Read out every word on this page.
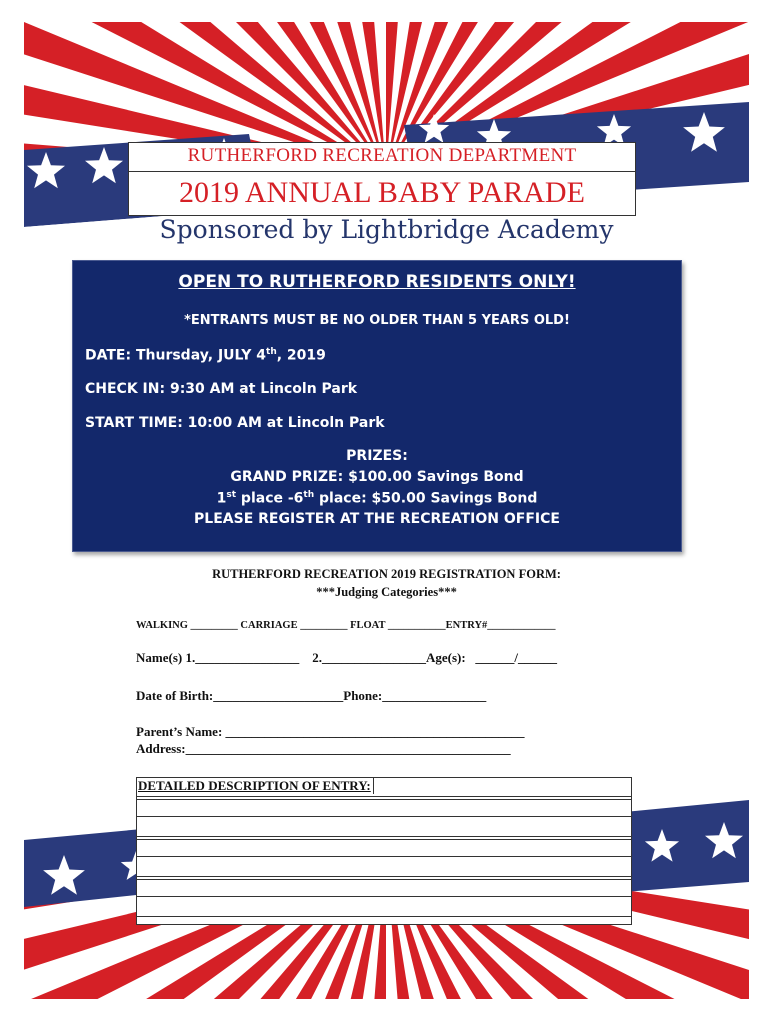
RUTHERFORD RECREATION DEPARTMENT
2019 ANNUAL BABY PARADE
Sponsored by Lightbridge Academy
OPEN TO RUTHERFORD RESIDENTS ONLY!
*ENTRANTS MUST BE NO OLDER THAN 5 YEARS OLD!
DATE: Thursday, JULY 4th, 2019
CHECK IN: 9:30 AM at Lincoln Park
START TIME: 10:00 AM at Lincoln Park
PRIZES:
GRAND PRIZE: $100.00 Savings Bond
1st place -6th place: $50.00 Savings Bond
PLEASE REGISTER AT THE RECREATION OFFICE
RUTHERFORD RECREATION 2019 REGISTRATION FORM:
***Judging Categories***
WALKING _________ CARRIAGE _________ FLOAT ___________ENTRY#_____________
Name(s) 1.________________    2.________________Age(s):   ______/______
Date of Birth:____________________Phone:________________
Parent’s Name: ______________________________________________
Address:__________________________________________________
DETAILED DESCRIPTION OF ENTRY:
